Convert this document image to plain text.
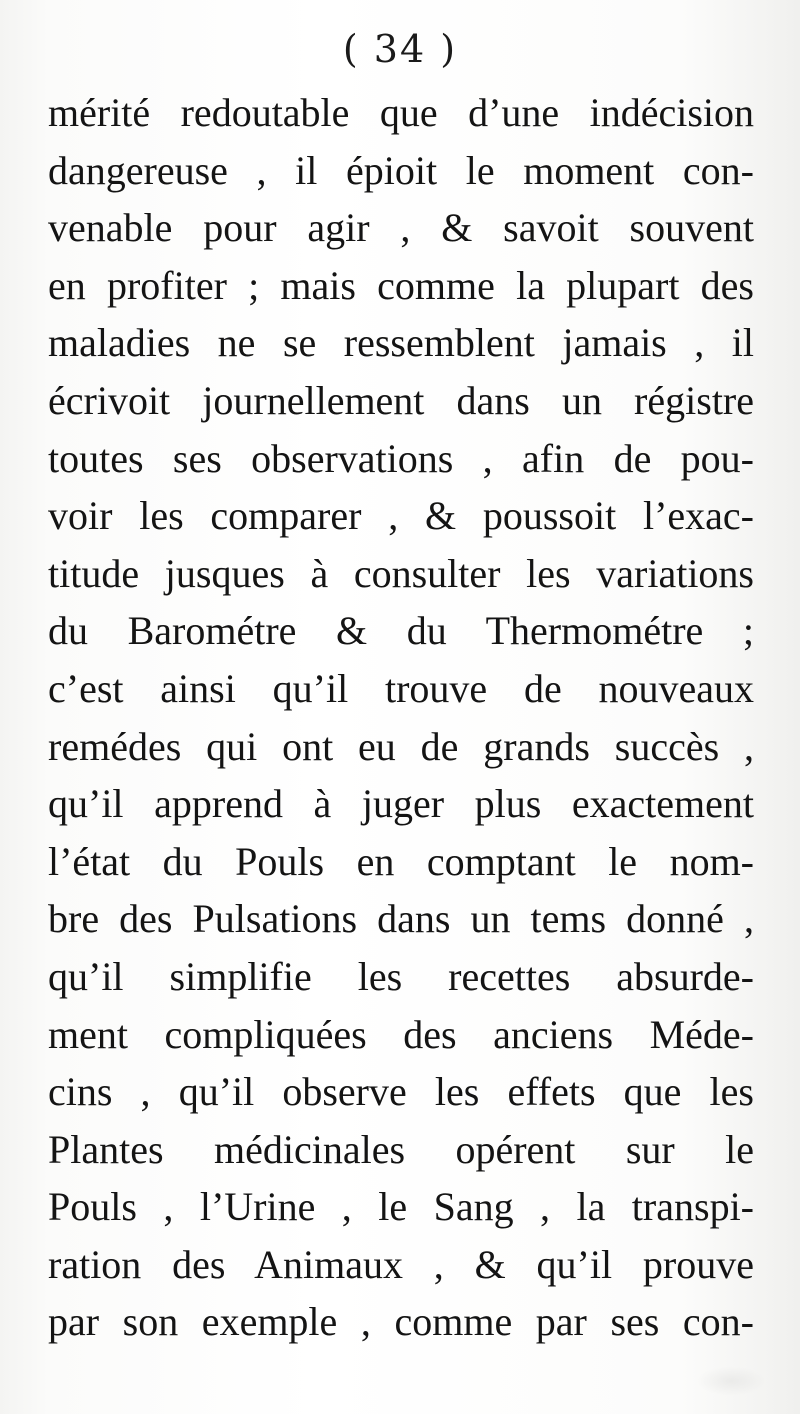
( 34 )
mérité redoutable que d’une indécision
dangereuse , il épioit le moment con-
venable pour agir , & savoit souvent
en profiter ; mais comme la plupart des
maladies ne se ressemblent jamais , il
écrivoit journellement dans un régistre
toutes ses observations , afin de pou-
voir les comparer , & poussoit l’exac-
titude jusques à consulter les variations
du Barométre & du Thermométre ;
c’est ainsi qu’il trouve de nouveaux
remédes qui ont eu de grands succès ,
qu’il apprend à juger plus exactement
l’état du Pouls en comptant le nom-
bre des Pulsations dans un tems donné ,
qu’il simplifie les recettes absurde-
ment compliquées des anciens Méde-
cins , qu’il observe les effets que les
Plantes médicinales opérent sur le
Pouls , l’Urine , le Sang , la transpi-
ration des Animaux , & qu’il prouve
par son exemple , comme par ses con-
